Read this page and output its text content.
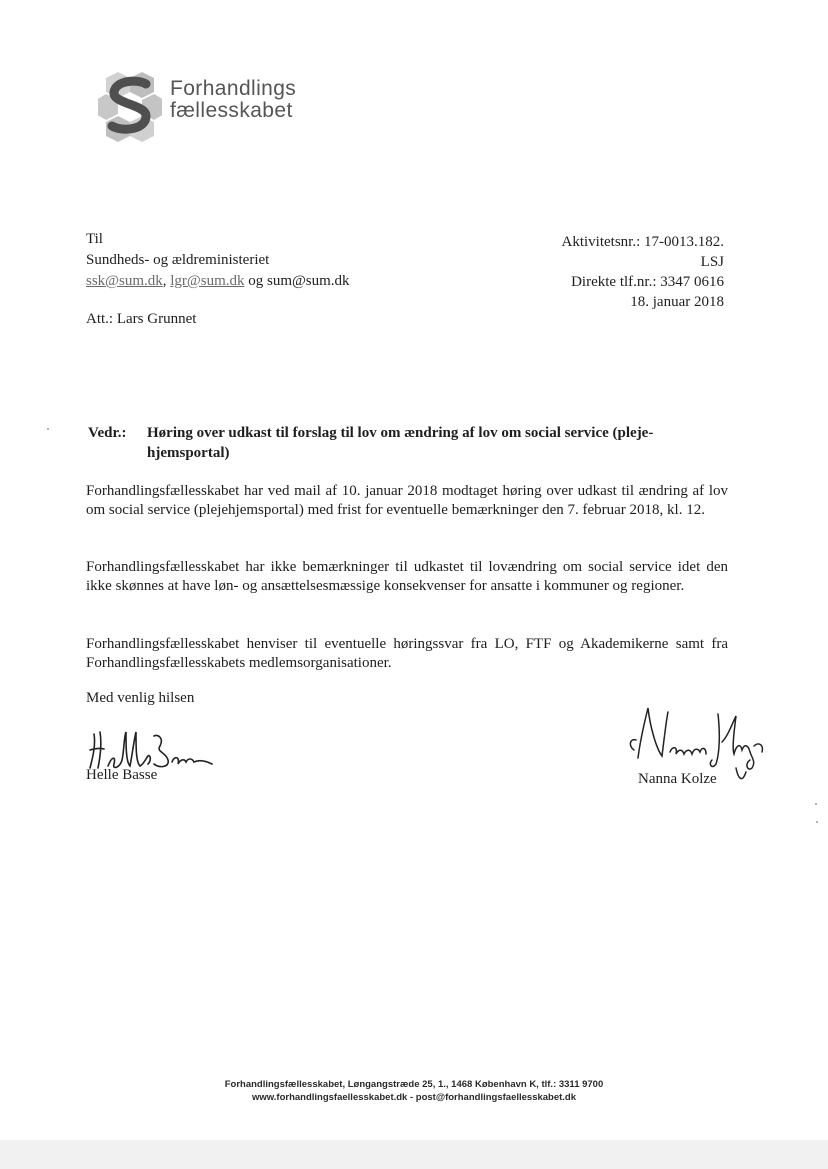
Forhandlings
fællesskabet
Til
Sundheds- og ældreministeriet
ssk@sum.dk, lgr@sum.dk og sum@sum.dk
Att.: Lars Grunnet
Aktivitetsnr.: 17-0013.182.
LSJ
Direkte tlf.nr.: 3347 0616
18. januar 2018
Vedr.:	Høring over udkast til forslag til lov om ændring af lov om social service (pleje-hjemsportal)
Forhandlingsfællesskabet har ved mail af 10. januar 2018 modtaget høring over udkast til ændring af lov om social service (plejehjemsportal) med frist for eventuelle bemærkninger den 7. februar 2018, kl. 12.
Forhandlingsfællesskabet har ikke bemærkninger til udkastet til lovændring om social service idet den ikke skønnes at have løn- og ansættelsesmæssige konsekvenser for ansatte i kommuner og regioner.
Forhandlingsfællesskabet henviser til eventuelle høringssvar fra LO, FTF og Akademikerne samt fra Forhandlingsfællesskabets medlemsorganisationer.
Med venlig hilsen
Helle Basse	Nanna Kolze
Forhandlingsfællesskabet, Løngangstræde 25, 1., 1468 København K, tlf.: 3311 9700
www.forhandlingsfaellesskabet.dk - post@forhandlingsfaellesskabet.dk
